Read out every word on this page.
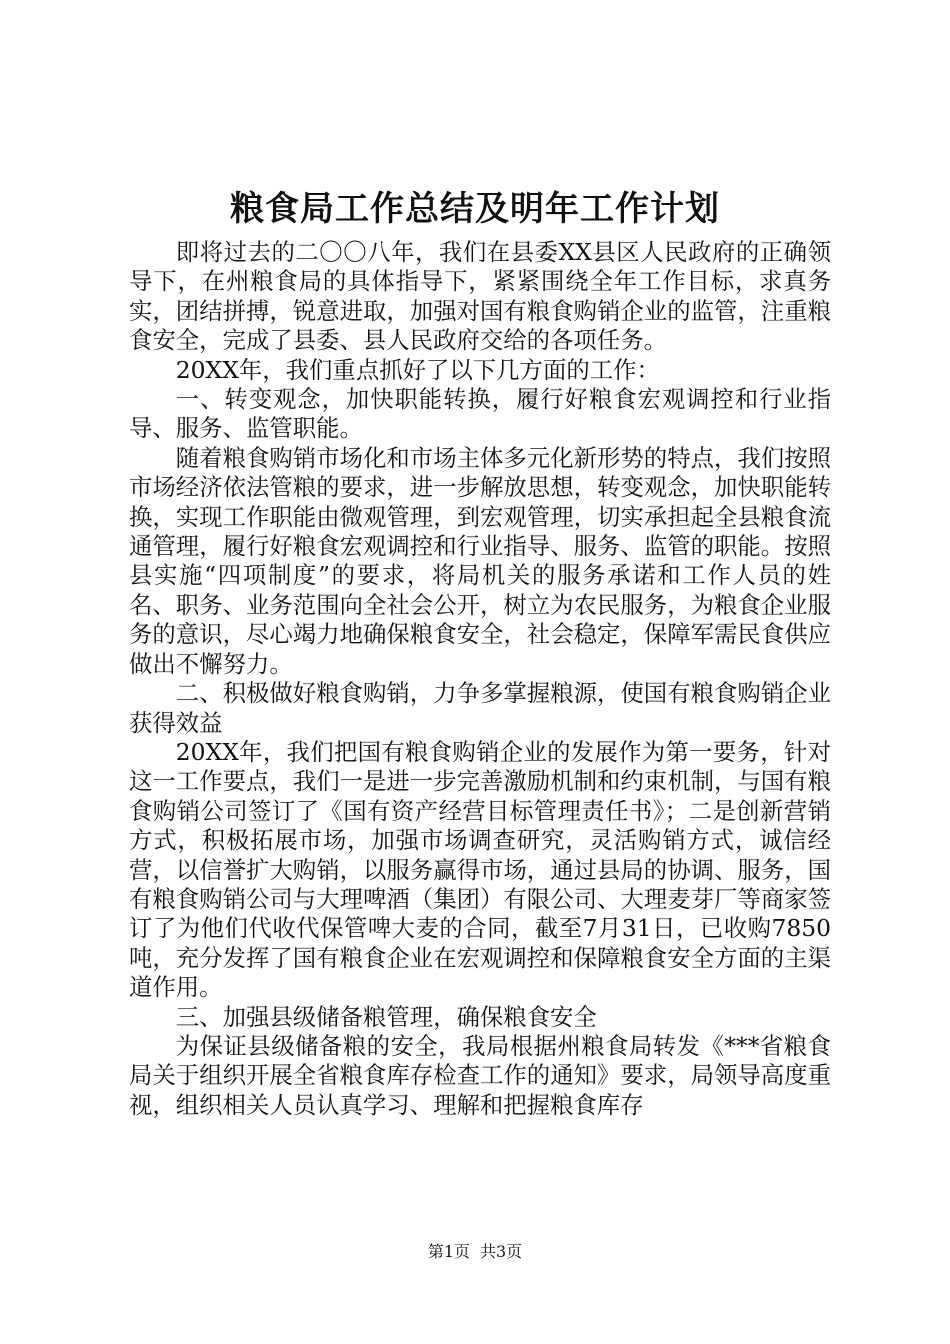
粮食局工作总结及明年工作计划

即将过去的二〇〇八年，我们在县委XX县区人民政府的正确领导下，在州粮食局的具体指导下，紧紧围绕全年工作目标，求真务实，团结拼搏，锐意进取，加强对国有粮食购销企业的监管，注重粮食安全，完成了县委、县人民政府交给的各项任务。

20XX年，我们重点抓好了以下几方面的工作：

一、转变观念，加快职能转换，履行好粮食宏观调控和行业指导、服务、监管职能。

随着粮食购销市场化和市场主体多元化新形势的特点，我们按照市场经济依法管粮的要求，进一步解放思想，转变观念，加快职能转换，实现工作职能由微观管理，到宏观管理，切实承担起全县粮食流通管理，履行好粮食宏观调控和行业指导、服务、监管的职能。按照县实施“四项制度”的要求，将局机关的服务承诺和工作人员的姓名、职务、业务范围向全社会公开，树立为农民服务，为粮食企业服务的意识，尽心竭力地确保粮食安全，社会稳定，保障军需民食供应做出不懈努力。

二、积极做好粮食购销，力争多掌握粮源，使国有粮食购销企业获得效益

20XX年，我们把国有粮食购销企业的发展作为第一要务，针对这一工作要点，我们一是进一步完善激励机制和约束机制，与国有粮食购销公司签订了《国有资产经营目标管理责任书》；二是创新营销方式，积极拓展市场，加强市场调查研究，灵活购销方式，诚信经营，以信誉扩大购销，以服务赢得市场，通过县局的协调、服务，国有粮食购销公司与大理啤酒（集团）有限公司、大理麦芽厂等商家签订了为他们代收代保管啤大麦的合同，截至7月31日，已收购7850吨，充分发挥了国有粮食企业在宏观调控和保障粮食安全方面的主渠道作用。

三、加强县级储备粮管理，确保粮食安全

为保证县级储备粮的安全，我局根据州粮食局转发《***省粮食局关于组织开展全省粮食库存检查工作的通知》要求，局领导高度重视，组织相关人员认真学习、理解和把握粮食库存

第1页 共3页
